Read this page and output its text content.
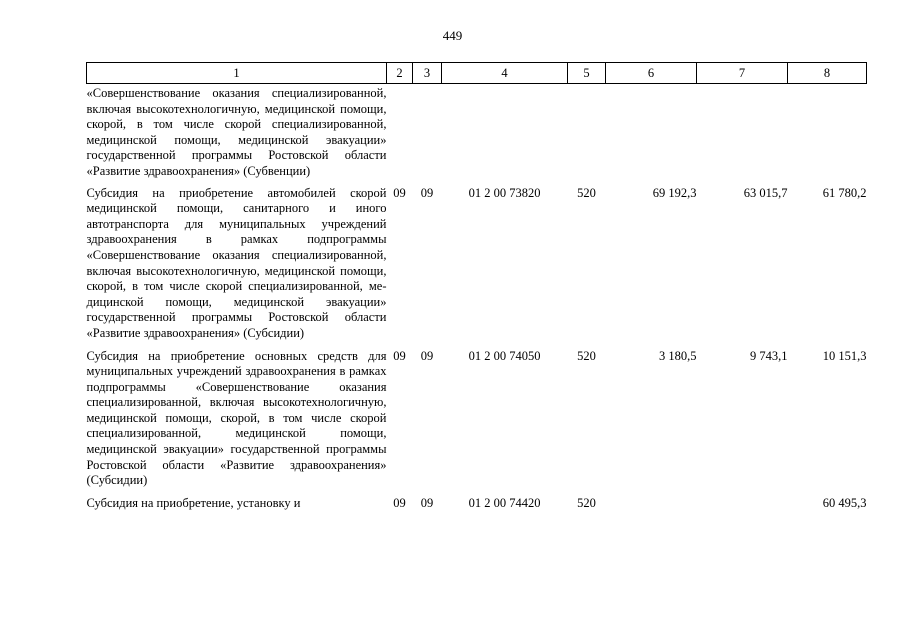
449
1	2	3	4	5	6	7	8
«Совершенствование оказания специализированной, включая высокотехнологичную, медицинской помощи, скорой, в том числе скорой специализированной, медицинской помощи, медицинской эвакуации» государственной программы Ростовской области «Развитие здравоохранения» (Субвенции)							
Субсидия на приобретение автомобилей скорой медицинской помощи, санитарного и иного автотранспорта для муниципальных учреждений здравоохранения в рамках подпрограммы «Совершенствование оказания специализированной, включая высокотехнологичную, медицинской помощи, скорой, в том числе скорой специализированной, медицинской помощи, медицинской эвакуации» государственной программы Ростовской области «Развитие здравоохранения» (Субсидии)	09	09	01 2 00 73820	520	69 192,3	63 015,7	61 780,2
Субсидия на приобретение основных средств для муниципальных учреждений здравоохранения в рамках подпрограммы «Совершенствование оказания специализированной, включая высокотехнологичную, медицинской помощи, скорой, в том числе скорой специализированной, медицинской помощи, медицинской эвакуации» государственной программы Ростовской области «Развитие здравоохранения» (Субсидии)	09	09	01 2 00 74050	520	3 180,5	9 743,1	10 151,3
Субсидия на приобретение, установку и	09	09	01 2 00 74420	520			60 495,3
